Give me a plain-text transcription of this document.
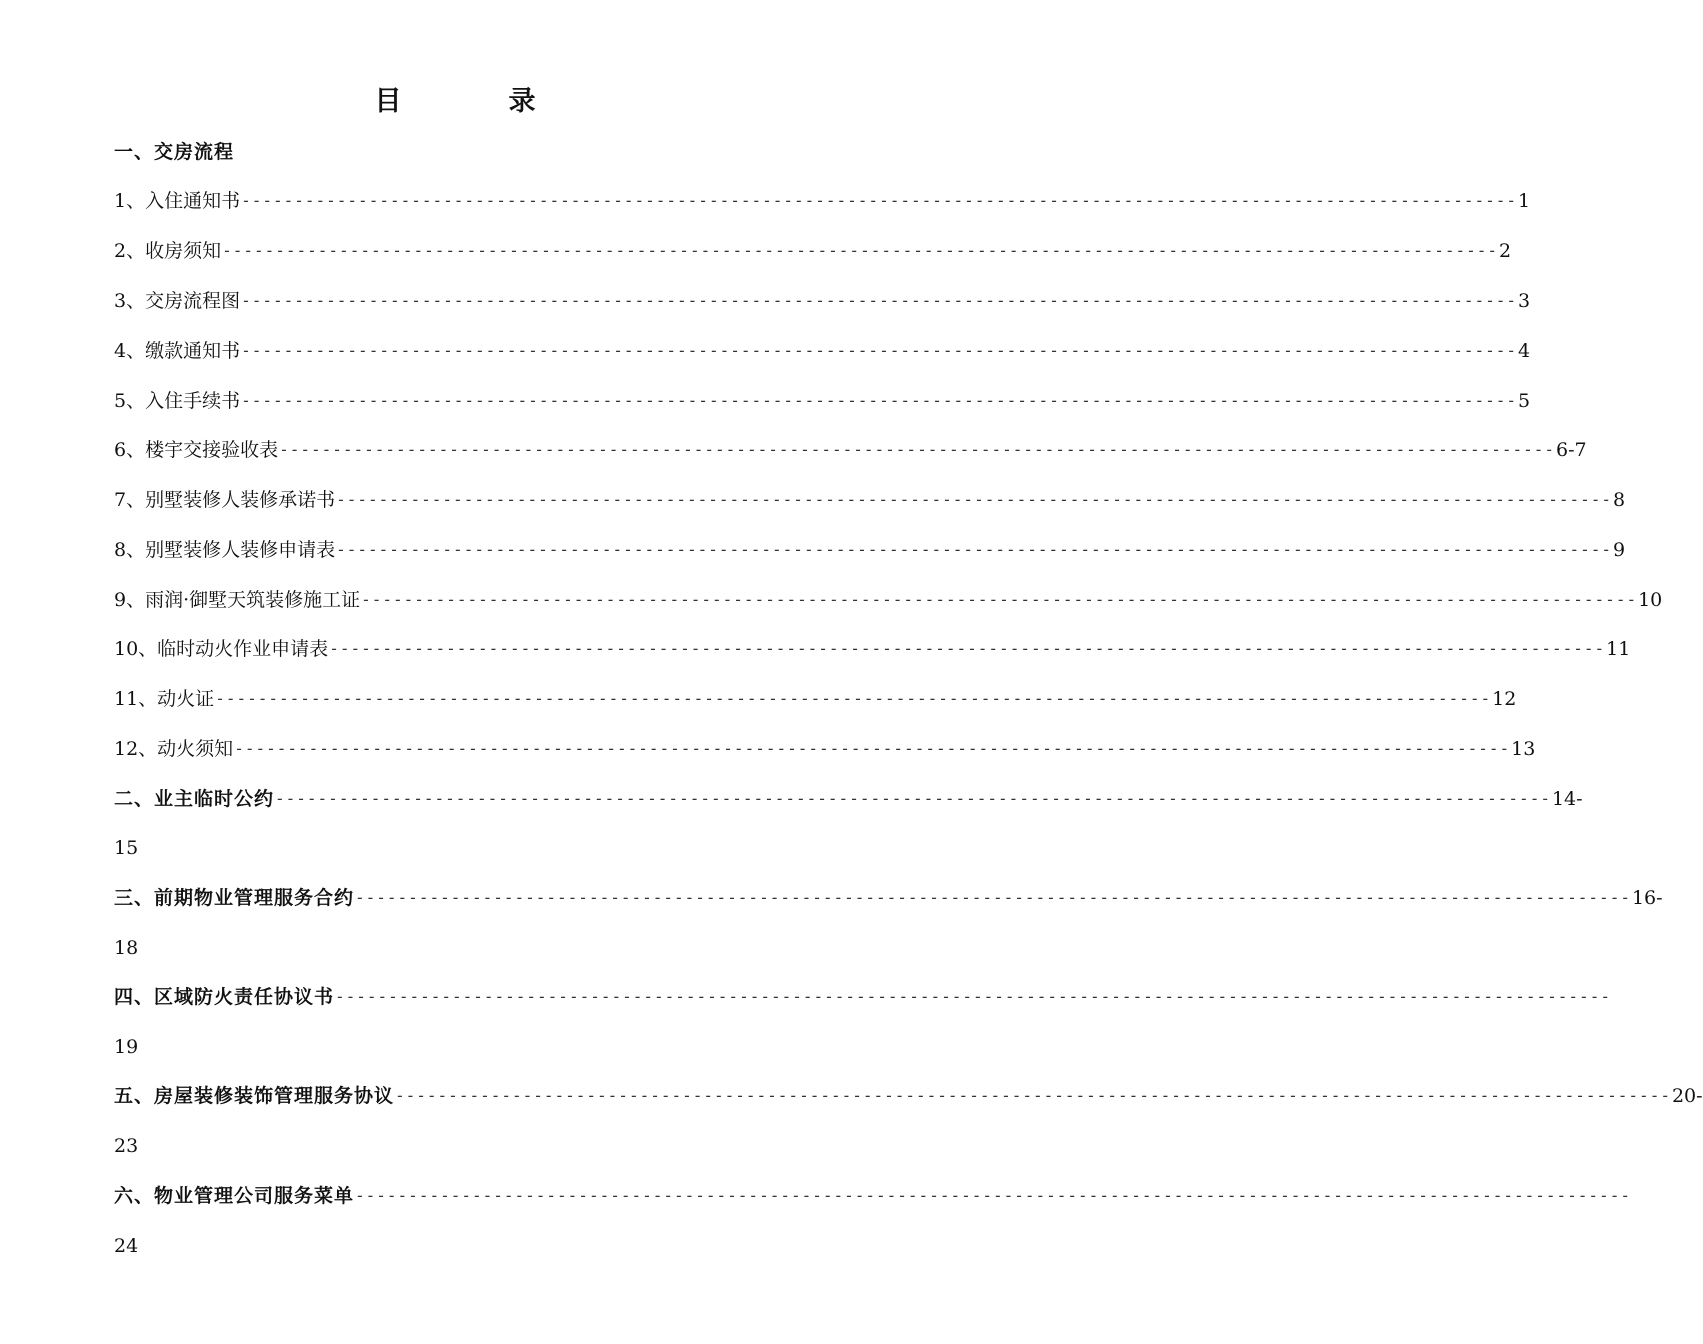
目　录
一、交房流程
1、入住通知书 ------------------------------------------------------------------------------------------------------------------------ 1
2、收房须知 ------------------------------------------------------------------------------------------------------------------------ 2
3、交房流程图 ------------------------------------------------------------------------------------------------------------------------ 3
4、缴款通知书 ------------------------------------------------------------------------------------------------------------------------ 4
5、入住手续书 ------------------------------------------------------------------------------------------------------------------------ 5
6、楼宇交接验收表 ------------------------------------------------------------------------------------------------------------------------ 6-7
7、别墅装修人装修承诺书 ------------------------------------------------------------------------------------------------------------------------ 8
8、别墅装修人装修申请表 ------------------------------------------------------------------------------------------------------------------------ 9
9、雨润·御墅天筑装修施工证 ------------------------------------------------------------------------------------------------------------------------ 10
10、临时动火作业申请表 ------------------------------------------------------------------------------------------------------------------------ 11
11、动火证 ------------------------------------------------------------------------------------------------------------------------ 12
12、动火须知 ------------------------------------------------------------------------------------------------------------------------ 13
二、业主临时公约 ------------------------------------------------------------------------------------------------------------------------ 14-
15
三、前期物业管理服务合约 ------------------------------------------------------------------------------------------------------------------------ 16-
18
四、区域防火责任协议书 ------------------------------------------------------------------------------------------------------------------------
19
五、房屋装修装饰管理服务协议 ------------------------------------------------------------------------------------------------------------------------ 20-
23
六、物业管理公司服务菜单 ------------------------------------------------------------------------------------------------------------------------
24
